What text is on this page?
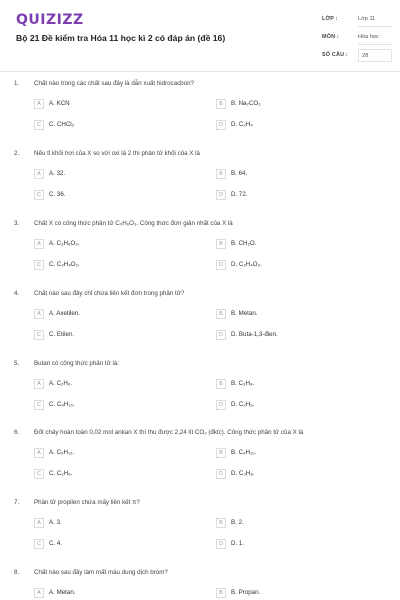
QUIZIZZ
Bộ 21 Đề kiểm tra Hóa 11 học kì 2 có đáp án (đề 16)
LỚP :	Lớp 11
MÔN :	Hóa học
SỐ CÂU :	28
1. Chất nào trong các chất sau đây là dẫn xuất hidrocacbon?
A	A. KCN	B	B. Na₂CO₃
C	C. CHCl₃	D	D. C₂H₄
2. Nếu tỉ khối hơi của X so với oxi là 2 thì phân tử khối của X là
A	A. 32.	B	B. 64.
C	C. 36.	D	D. 72.
3. Chất X có công thức phân tử C₃H₆O₃. Công thức đơn giản nhất của X là
A	A. C₃H₆O₃.	B	B. CH₂O.
C	C. C₂H₄O₂.	D	D. C₂H₄O₂.
4. Chất nào sau đây chỉ chứa liên kết đơn trong phân tử?
A	A. Axetilen.	B	B. Metan.
C	C. Etilen.	D	D. Buta-1,3-đien.
5. Butan có công thức phân tử là:
A	A. C₂H₆.	B	B. C₃H₈.
C	C. C₄H₁₀.	D	D. C₂H₆.
6. Đốt cháy hoàn toàn 0,02 mol ankan X thì thu được 2,24 lít CO₂ (đktc). Công thức phân tử của X là
A	A. C₅H₁₂.	B	B. C₄H₁₀.
C	C. C₂H₆.	D	D. C₃H₈.
7. Phân tử propilen chứa mấy liên kết π?
A	A. 3.	B	B. 2.
C	C. 4.	D	D. 1.
8. Chất nào sau đây làm mất màu dung dịch brom?
A	A. Metan.	B	B. Propan.
